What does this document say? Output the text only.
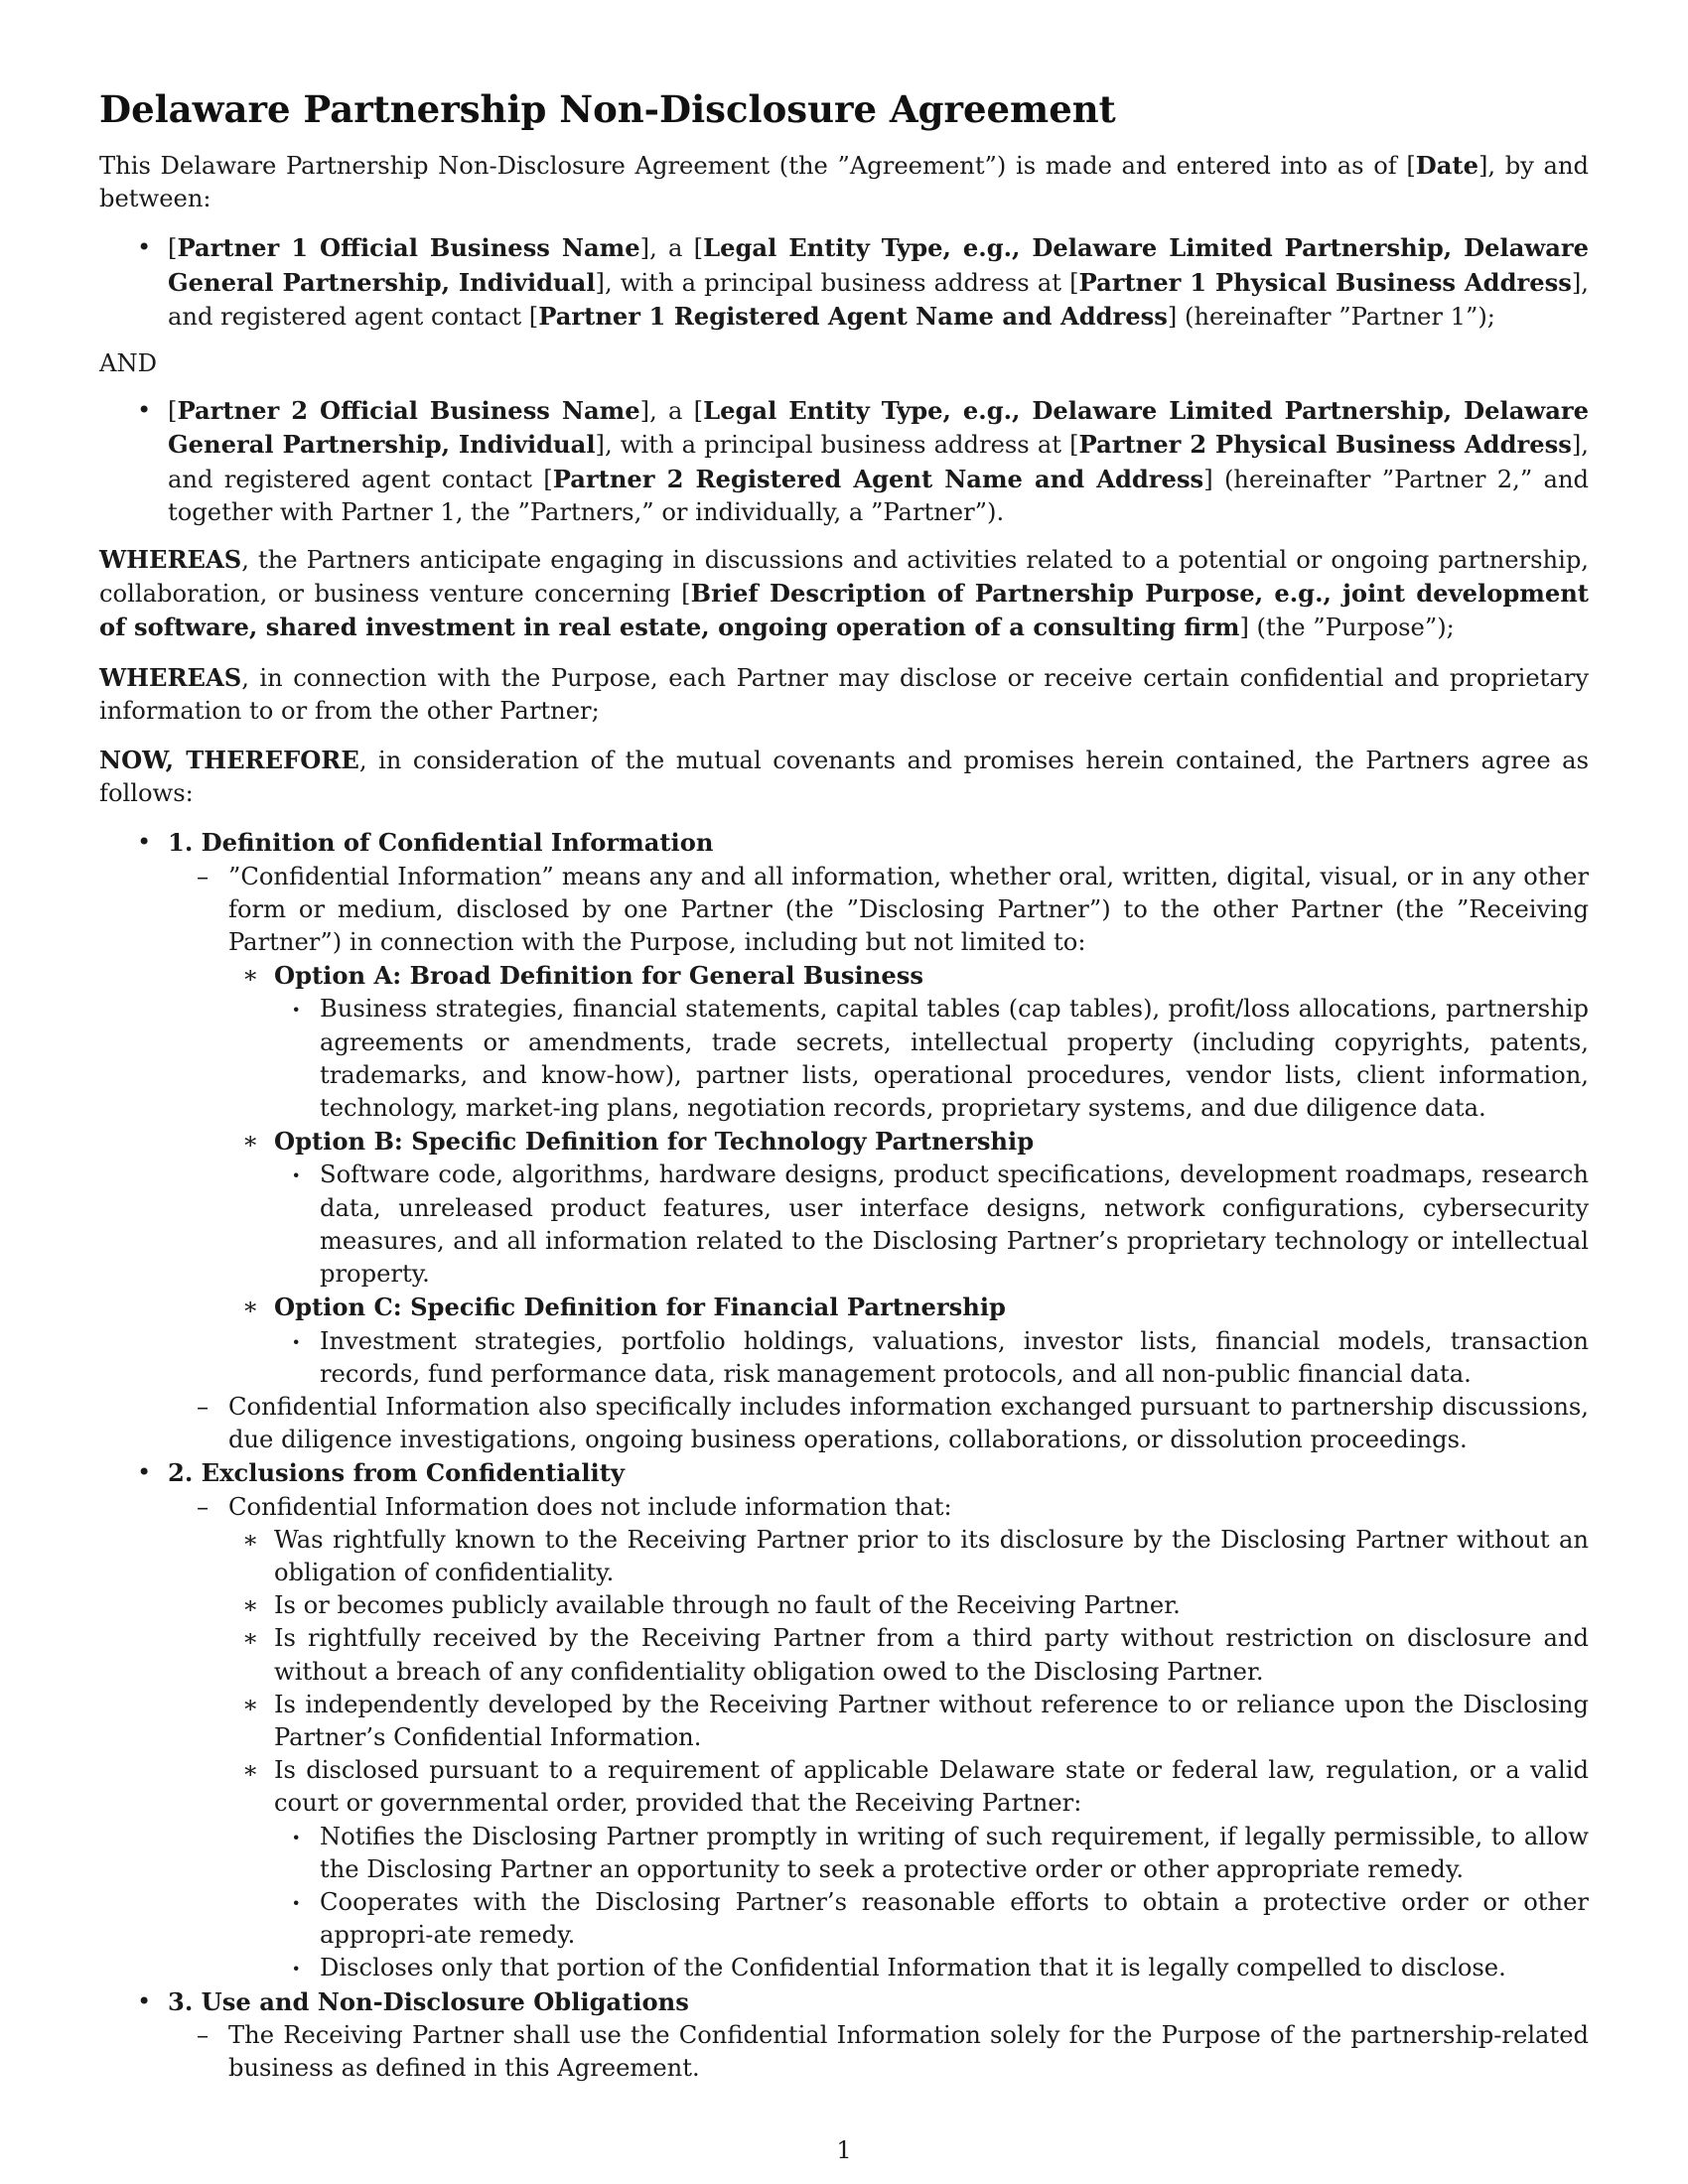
Delaware Partnership Non-Disclosure Agreement

This Delaware Partnership Non-Disclosure Agreement (the ”Agreement”) is made and entered into as of [Date], by and between:

• [Partner 1 Official Business Name], a [Legal Entity Type, e.g., Delaware Limited Partnership, Delaware General Partnership, Individual], with a principal business address at [Partner 1 Physical Business Address], and registered agent contact [Partner 1 Registered Agent Name and Address] (hereinafter ”Partner 1”);
AND
• [Partner 2 Official Business Name], a [Legal Entity Type, e.g., Delaware Limited Partnership, Delaware General Partnership, Individual], with a principal business address at [Partner 2 Physical Business Address], and registered agent contact [Partner 2 Registered Agent Name and Address] (hereinafter ”Partner 2,” and together with Partner 1, the ”Partners,” or individually, a ”Partner”).

WHEREAS, the Partners anticipate engaging in discussions and activities related to a potential or ongoing partnership, collaboration, or business venture concerning [Brief Description of Partnership Purpose, e.g., joint development of software, shared investment in real estate, ongoing operation of a consulting firm] (the ”Purpose”);

WHEREAS, in connection with the Purpose, each Partner may disclose or receive certain confidential and proprietary information to or from the other Partner;

NOW, THEREFORE, in consideration of the mutual covenants and promises herein contained, the Partners agree as follows:

• 1. Definition of Confidential Information
– ”Confidential Information” means any and all information, whether oral, written, digital, visual, or in any other form or medium, disclosed by one Partner (the ”Disclosing Partner”) to the other Partner (the ”Receiving Partner”) in connection with the Purpose, including but not limited to:
∗ Option A: Broad Definition for General Business
· Business strategies, financial statements, capital tables (cap tables), profit/loss allocations, partnership agreements or amendments, trade secrets, intellectual property (including copyrights, patents, trademarks, and know-how), partner lists, operational procedures, vendor lists, client information, technology, market-ing plans, negotiation records, proprietary systems, and due diligence data.
∗ Option B: Specific Definition for Technology Partnership
· Software code, algorithms, hardware designs, product specifications, development roadmaps, research data, unreleased product features, user interface designs, network configurations, cybersecurity measures, and all information related to the Disclosing Partner’s proprietary technology or intellectual property.
∗ Option C: Specific Definition for Financial Partnership
· Investment strategies, portfolio holdings, valuations, investor lists, financial models, transaction records, fund performance data, risk management protocols, and all non-public financial data.
– Confidential Information also specifically includes information exchanged pursuant to partnership discussions, due diligence investigations, ongoing business operations, collaborations, or dissolution proceedings.
• 2. Exclusions from Confidentiality
– Confidential Information does not include information that:
∗ Was rightfully known to the Receiving Partner prior to its disclosure by the Disclosing Partner without an obligation of confidentiality.
∗ Is or becomes publicly available through no fault of the Receiving Partner.
∗ Is rightfully received by the Receiving Partner from a third party without restriction on disclosure and without a breach of any confidentiality obligation owed to the Disclosing Partner.
∗ Is independently developed by the Receiving Partner without reference to or reliance upon the Disclosing Partner’s Confidential Information.
∗ Is disclosed pursuant to a requirement of applicable Delaware state or federal law, regulation, or a valid court or governmental order, provided that the Receiving Partner:
· Notifies the Disclosing Partner promptly in writing of such requirement, if legally permissible, to allow the Disclosing Partner an opportunity to seek a protective order or other appropriate remedy.
· Cooperates with the Disclosing Partner’s reasonable efforts to obtain a protective order or other appropri-ate remedy.
· Discloses only that portion of the Confidential Information that it is legally compelled to disclose.
• 3. Use and Non-Disclosure Obligations
– The Receiving Partner shall use the Confidential Information solely for the Purpose of the partnership-related business as defined in this Agreement.
1
